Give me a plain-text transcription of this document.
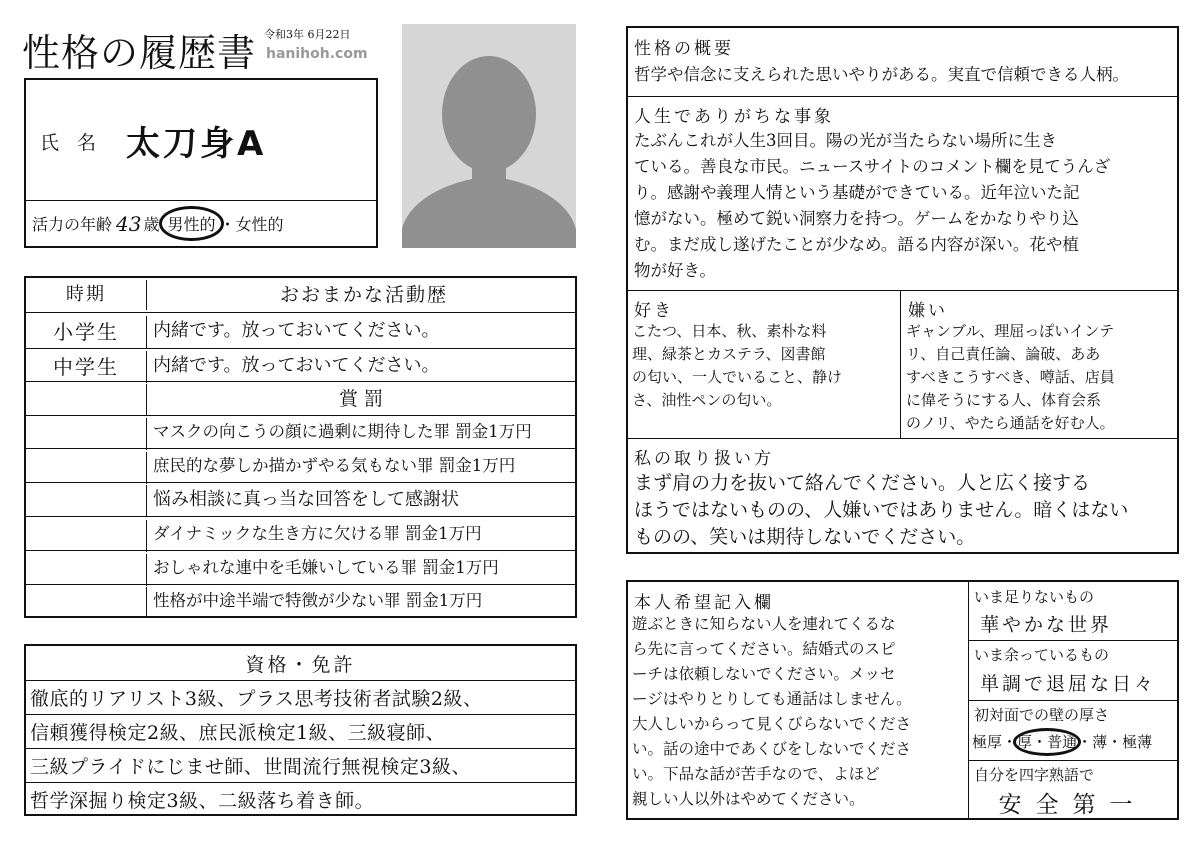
性格の履歴書 令和3年 6月22日
hanihoh.com
氏 名 太刀身A
活力の年齢 43 歳 男性的 ・ 女性的
時期	おおまかな活動歴
小学生	内緒です。放っておいてください。
中学生	内緒です。放っておいてください。
賞罰
マスクの向こうの顔に過剰に期待した罪 罰金1万円
庶民的な夢しか描かずやる気もない罪 罰金1万円
悩み相談に真っ当な回答をして感謝状
ダイナミックな生き方に欠ける罪 罰金1万円
おしゃれな連中を毛嫌いしている罪 罰金1万円
性格が中途半端で特徴が少ない罪 罰金1万円
資格・免許
徹底的リアリスト3級、プラス思考技術者試験2級、
信頼獲得検定2級、庶民派検定1級、三級寝師、
三級プライドにじませ師、世間流行無視検定3級、
哲学深掘り検定3級、二級落ち着き師。
性格の概要
哲学や信念に支えられた思いやりがある。実直で信頼できる人柄。
人生でありがちな事象
たぶんこれが人生3回目。陽の光が当たらない場所に生き
ている。善良な市民。ニュースサイトのコメント欄を見てうんざ
り。感謝や義理人情という基礎ができている。近年泣いた記
憶がない。極めて鋭い洞察力を持つ。ゲームをかなりやり込
む。まだ成し遂げたことが少なめ。語る内容が深い。花や植
物が好き。
好き
こたつ、日本、秋、素朴な料
理、緑茶とカステラ、図書館
の匂い、一人でいること、静け
さ、油性ペンの匂い。
嫌い
ギャンブル、理屈っぽいインテ
リ、自己責任論、論破、ああ
すべきこうすべき、噂話、店員
に偉そうにする人、体育会系
のノリ、やたら通話を好む人。
私の取り扱い方
まず肩の力を抜いて絡んでください。人と広く接する
ほうではないものの、人嫌いではありません。暗くはない
ものの、笑いは期待しないでください。
本人希望記入欄
遊ぶときに知らない人を連れてくるな
ら先に言ってください。結婚式のスピ
ーチは依頼しないでください。メッセ
ージはやりとりしても通話はしません。
大人しいからって見くびらないでくださ
い。話の途中であくびをしないでくださ
い。下品な話が苦手なので、よほど
親しい人以外はやめてください。
いま足りないもの
華やかな世界
いま余っているもの
単調で退屈な日々
初対面での壁の厚さ
極厚・厚・普通
・薄・極薄
自分を四字熟語で
安全第一
